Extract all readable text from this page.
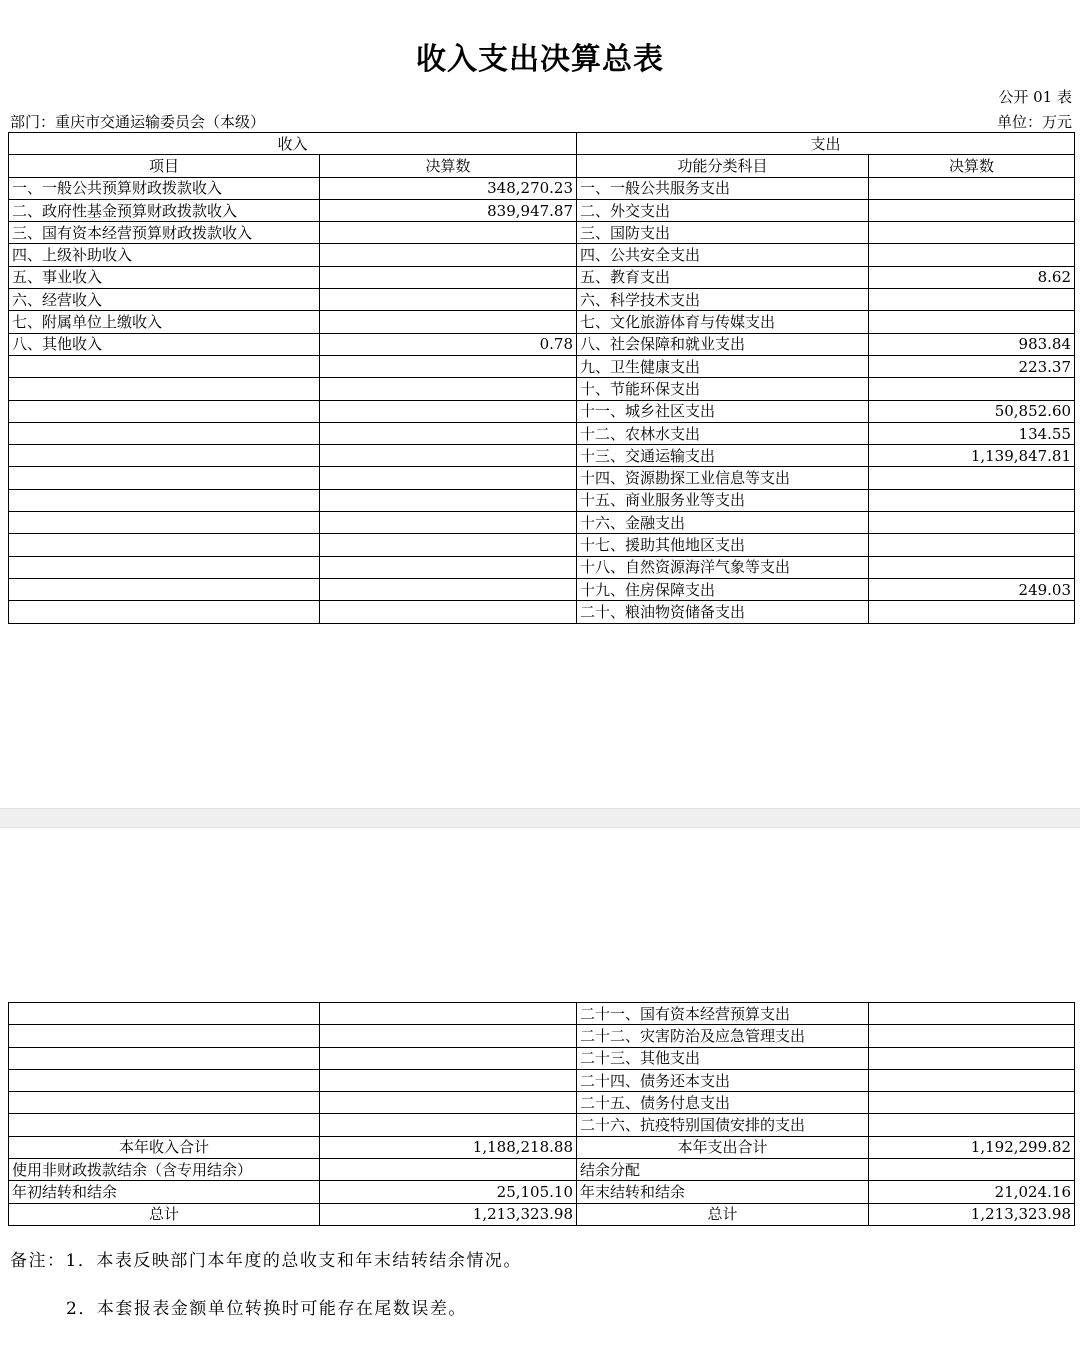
收入支出决算总表
公开 01 表
部门：重庆市交通运输委员会（本级）	单位：万元
收入		支出	
项目	决算数	功能分类科目	决算数
一、一般公共预算财政拨款收入	348,270.23	一、一般公共服务支出	
二、政府性基金预算财政拨款收入	839,947.87	二、外交支出	
三、国有资本经营预算财政拨款收入		三、国防支出	
四、上级补助收入		四、公共安全支出	
五、事业收入		五、教育支出	8.62
六、经营收入		六、科学技术支出	
七、附属单位上缴收入		七、文化旅游体育与传媒支出	
八、其他收入	0.78	八、社会保障和就业支出	983.84
		九、卫生健康支出	223.37
		十、节能环保支出	
		十一、城乡社区支出	50,852.60
		十二、农林水支出	134.55
		十三、交通运输支出	1,139,847.81
		十四、资源勘探工业信息等支出	
		十五、商业服务业等支出	
		十六、金融支出	
		十七、援助其他地区支出	
		十八、自然资源海洋气象等支出	
		十九、住房保障支出	249.03
		二十、粮油物资储备支出	
		二十一、国有资本经营预算支出	
		二十二、灾害防治及应急管理支出	
		二十三、其他支出	
		二十四、债务还本支出	
		二十五、债务付息支出	
		二十六、抗疫特别国债安排的支出	
本年收入合计	1,188,218.88	本年支出合计	1,192,299.82
使用非财政拨款结余（含专用结余）		结余分配	
年初结转和结余	25,105.10	年末结转和结余	21,024.16
总计	1,213,323.98	总计	1,213,323.98
备注：1．本表反映部门本年度的总收支和年末结转结余情况。
2．本套报表金额单位转换时可能存在尾数误差。
